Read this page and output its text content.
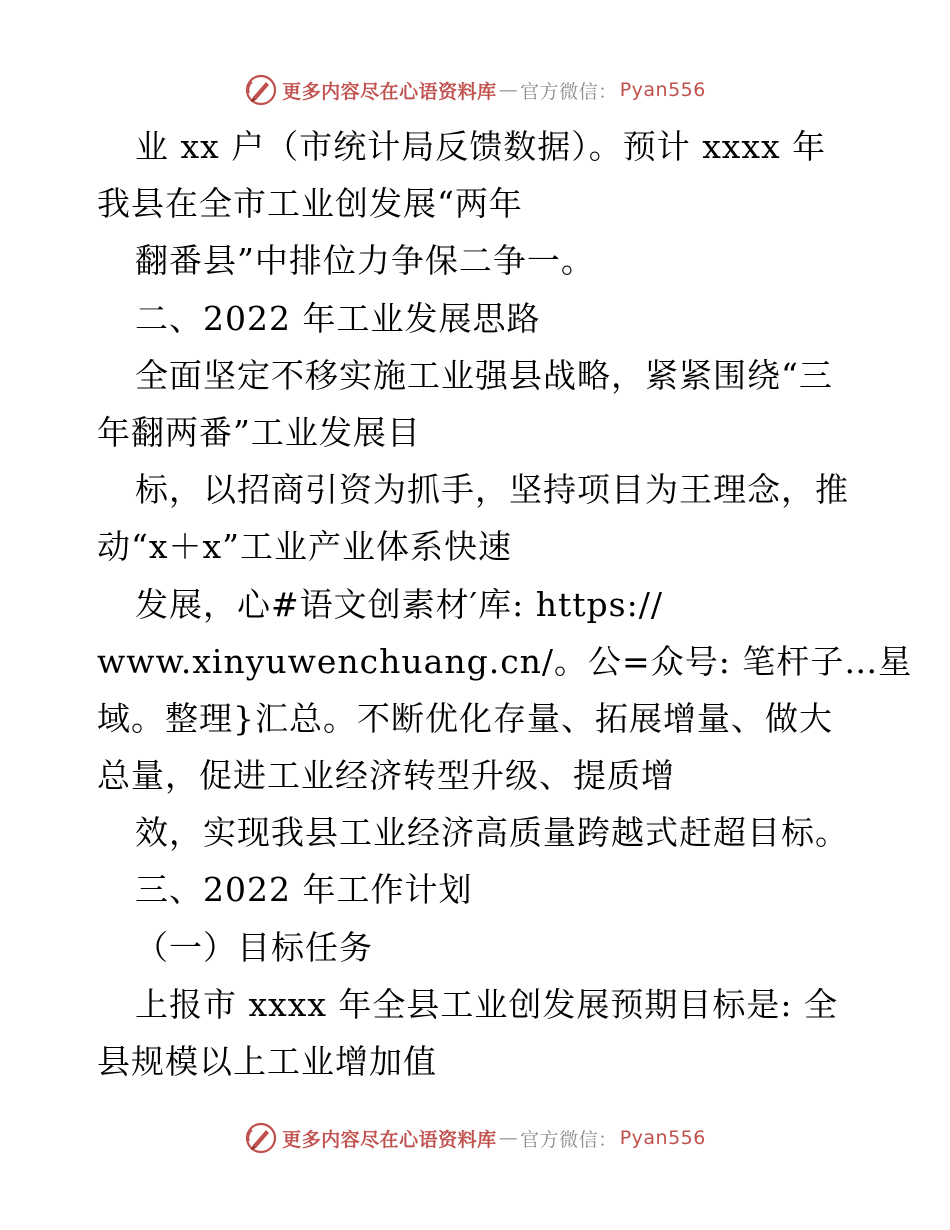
更多内容尽在心语资料库 — 官方微信： Pyan556
业 xx 户（市统计局反馈数据）。预计 xxxx 年
我县在全市工业创发展“两年
翻番县”中排位力争保二争一。
二、2022 年工业发展思路
全面坚定不移实施工业强县战略，紧紧围绕“三
年翻两番”工业发展目
标，以招商引资为抓手，坚持项目为王理念，推
动“x＋x”工业产业体系快速
发展，心#语文创素材′库: https://
www.xinyuwenchuang.cn/。公=众号: 笔杆子…星
域。整理}汇总。不断优化存量、拓展增量、做大
总量，促进工业经济转型升级、提质增
效，实现我县工业经济高质量跨越式赶超目标。
三、2022 年工作计划
（一）目标任务
上报市 xxxx 年全县工业创发展预期目标是: 全
县规模以上工业增加值
更多内容尽在心语资料库 — 官方微信： Pyan556
